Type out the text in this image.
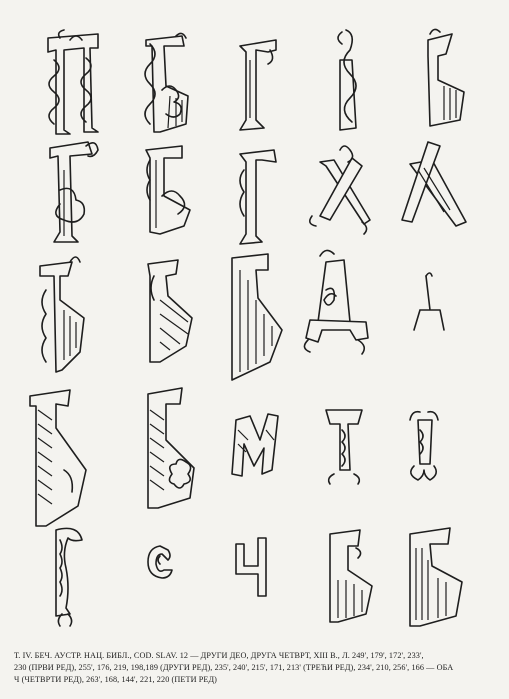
Т. IV. БЕЧ. АУСТР. НАЦ. БИБЛ., COD. SLAV. 12 — ДРУГИ ДЕО, ДРУГА ЧЕТВРТ, XIII В., Л. 249', 179', 172', 233',
230 (ПРВИ РЕД), 255', 176, 219, 198,189 (ДРУГИ РЕД), 235', 240', 215', 171, 213' (ТРЕЋИ РЕД), 234', 210, 256', 166 — ОБА
Ч (ЧЕТВРТИ РЕД), 263', 168, 144', 221, 220 (ПЕТИ РЕД)
